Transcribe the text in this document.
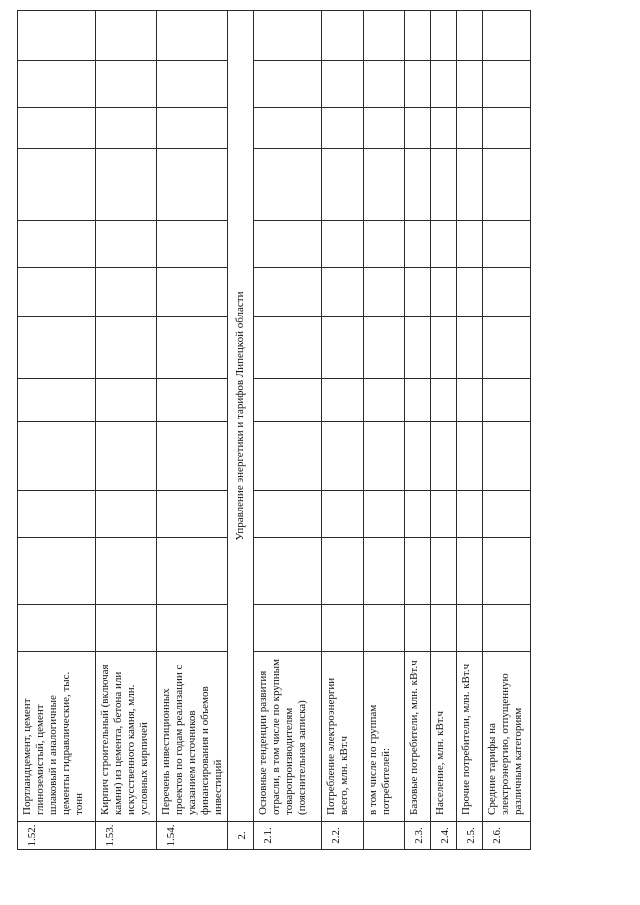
1.52.	Портландцемент, цемент глиноземистый, цемент шлаковый и аналогичные цементы гидравлические, тыс. тонн												
1.53.	Кирпич строительный (включая камни) из цемента, бетона или искусственного камня, млн. условных кирпичей												
1.54.	Перечень инвестиционных проектов по годам реализации с указанием источников финансирования и объемов инвестиций												
2.	Управление энергетики и тарифов Липецкой области												
2.1.	Основные тенденции развития отрасли, в том числе по крупным товаропроизводителям (пояснительная записка)												
2.2.	Потребление электроэнергии всего, млн. кВт.ч												
	в том числе по группам потребителей:												
2.3.	Базовые потребители, млн. кВт.ч												
2.4.	Население, млн. кВт.ч												
2.5.	Прочие потребители, млн. кВт.ч												
2.6.	Средние тарифы на электроэнергию, отпущенную различным категориям												
